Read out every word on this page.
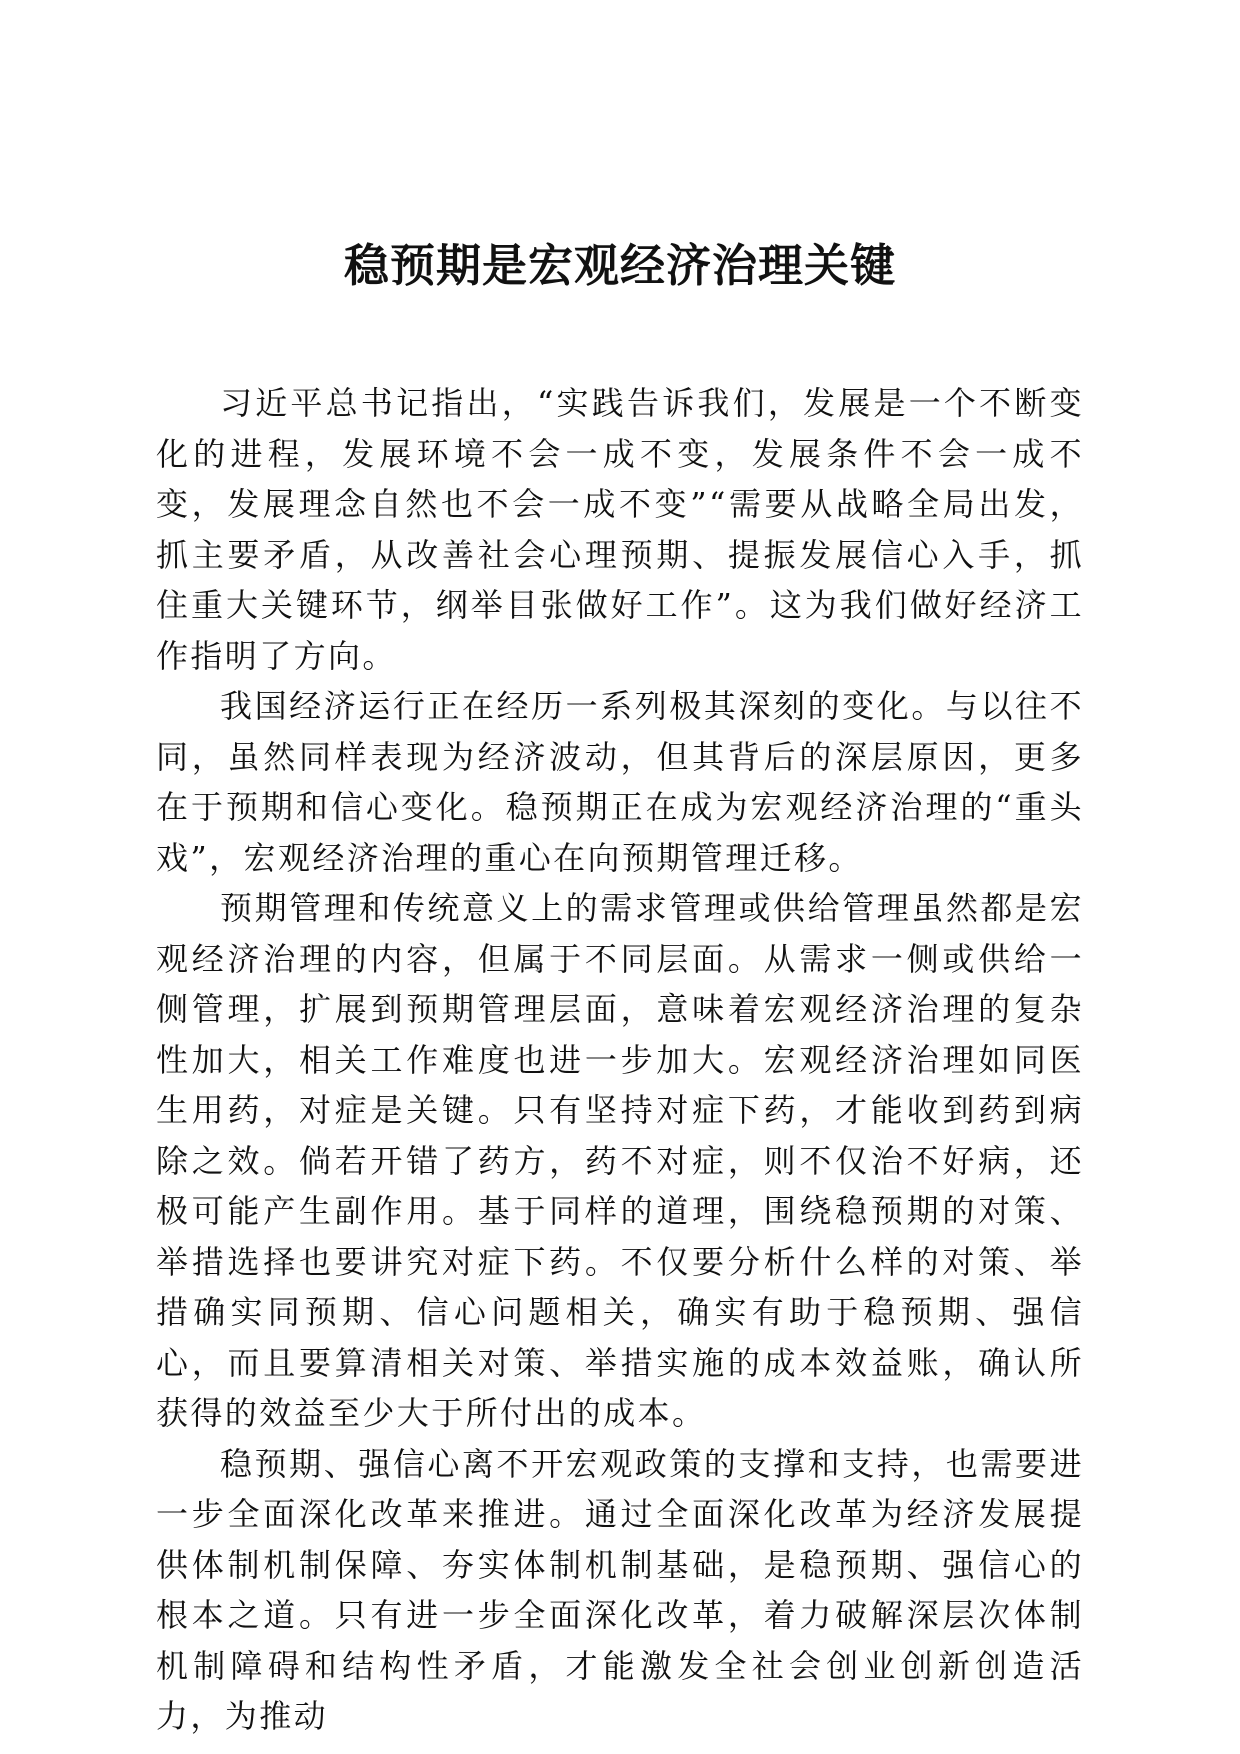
稳预期是宏观经济治理关键

习近平总书记指出，“实践告诉我们，发展是一个不断变化的进程，发展环境不会一成不变，发展条件不会一成不变，发展理念自然也不会一成不变”“需要从战略全局出发，抓主要矛盾，从改善社会心理预期、提振发展信心入手，抓住重大关键环节，纲举目张做好工作”。这为我们做好经济工作指明了方向。

我国经济运行正在经历一系列极其深刻的变化。与以往不同，虽然同样表现为经济波动，但其背后的深层原因，更多在于预期和信心变化。稳预期正在成为宏观经济治理的“重头戏”，宏观经济治理的重心在向预期管理迁移。

预期管理和传统意义上的需求管理或供给管理虽然都是宏观经济治理的内容，但属于不同层面。从需求一侧或供给一侧管理，扩展到预期管理层面，意味着宏观经济治理的复杂性加大，相关工作难度也进一步加大。宏观经济治理如同医生用药，对症是关键。只有坚持对症下药，才能收到药到病除之效。倘若开错了药方，药不对症，则不仅治不好病，还极可能产生副作用。基于同样的道理，围绕稳预期的对策、举措选择也要讲究对症下药。不仅要分析什么样的对策、举措确实同预期、信心问题相关，确实有助于稳预期、强信心，而且要算清相关对策、举措实施的成本效益账，确认所获得的效益至少大于所付出的成本。

稳预期、强信心离不开宏观政策的支撑和支持，也需要进一步全面深化改革来推进。通过全面深化改革为经济发展提供体制机制保障、夯实体制机制基础，是稳预期、强信心的根本之道。只有进一步全面深化改革，着力破解深层次体制机制障碍和结构性矛盾，才能激发全社会创业创新创造活力，为推动
